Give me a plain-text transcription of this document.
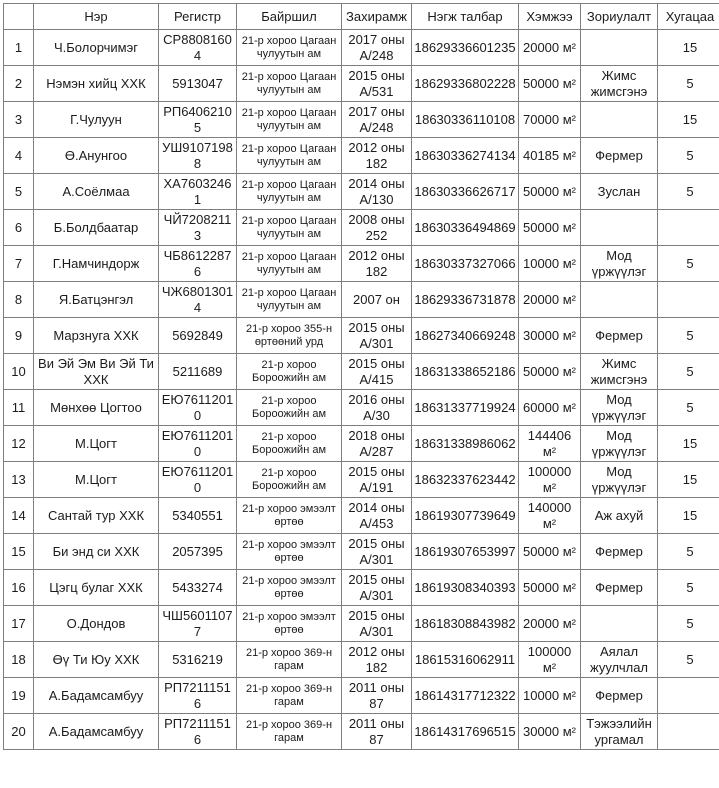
	Нэр	Регистр	Байршил	Захирамж	Нэгж талбар	Хэмжээ	Зориулалт	Хугацаа
1	Ч.Болорчимэг	СР88081604	21-р хороо Цагаан чулуутын ам	2017 оны А/248	18629336601235	20000 м²		15
2	Нэмэн хийц ХХК	5913047	21-р хороо Цагаан чулуутын ам	2015 оны А/531	18629336802228	50000 м²	Жимс жимсгэнэ	5
3	Г.Чулуун	РП64062105	21-р хороо Цагаан чулуутын ам	2017 оны А/248	18630336110108	70000 м²		15
4	Ө.Анунгоо	УШ91071988	21-р хороо Цагаан чулуутын ам	2012 оны 182	18630336274134	40185 м²	Фермер	5
5	А.Соёлмаа	ХА76032461	21-р хороо Цагаан чулуутын ам	2014 оны А/130	18630336626717	50000 м²	Зуслан	5
6	Б.Болдбаатар	ЧЙ72082113	21-р хороо Цагаан чулуутын ам	2008 оны 252	18630336494869	50000 м²		
7	Г.Намчиндорж	ЧБ86122876	21-р хороо Цагаан чулуутын ам	2012 оны 182	18630337327066	10000 м²	Мод үржүүлэг	5
8	Я.Батцэнгэл	ЧЖ68013014	21-р хороо Цагаан чулуутын ам	2007 он	18629336731878	20000 м²		
9	Марзнуга ХХК	5692849	21-р хороо 355-н өртөөний урд	2015 оны А/301	18627340669248	30000 м²	Фермер	5
10	Ви Эй Эм Ви Эй Ти ХХК	5211689	21-р хороо Бороожийн ам	2015 оны А/415	18631338652186	50000 м²	Жимс жимсгэнэ	5
11	Мөнхөө Цогтоо	ЕЮ76112010	21-р хороо Бороожийн ам	2016 оны А/30	18631337719924	60000 м²	Мод үржүүлэг	5
12	М.Цогт	ЕЮ76112010	21-р хороо Бороожийн ам	2018 оны А/287	18631338986062	144406 м²	Мод үржүүлэг	15
13	М.Цогт	ЕЮ76112010	21-р хороо Бороожийн ам	2015 оны А/191	18632337623442	100000 м²	Мод үржүүлэг	15
14	Сантай тур ХХК	5340551	21-р хороо эмээлт өртөө	2014 оны А/453	18619307739649	140000 м²	Аж ахуй	15
15	Би энд си ХХК	2057395	21-р хороо эмээлт өртөө	2015 оны А/301	18619307653997	50000 м²	Фермер	5
16	Цэгц булаг ХХК	5433274	21-р хороо эмээлт өртөө	2015 оны А/301	18619308340393	50000 м²	Фермер	5
17	О.Дондов	ЧШ56011077	21-р хороо эмээлт өртөө	2015 оны А/301	18618308843982	20000 м²		5
18	Өү Ти Юу ХХК	5316219	21-р хороо 369-н гарам	2012 оны 182	18615316062911	100000 м²	Аялал жуулчлал	5
19	А.Бадамсамбуу	РП72111516	21-р хороо 369-н гарам	2011 оны 87	18614317712322	10000 м²	Фермер	
20	А.Бадамсамбуу	РП72111516	21-р хороо 369-н гарам	2011 оны 87	18614317696515	30000 м²	Тэжээлийн ургамал	
